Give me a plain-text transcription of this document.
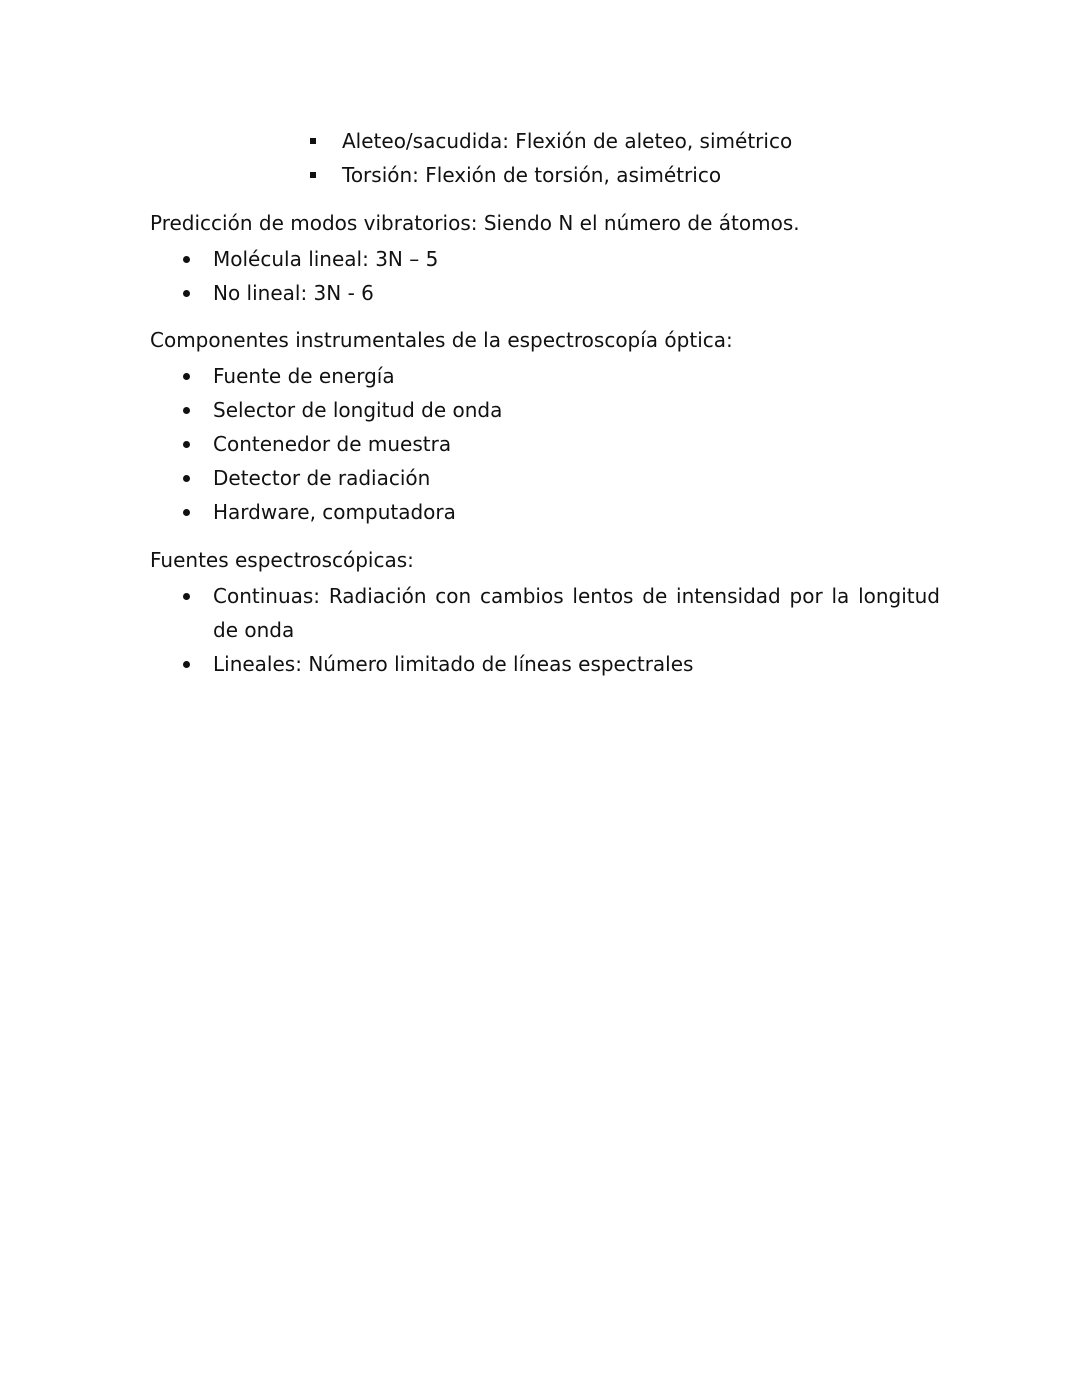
Aleteo/sacudida: Flexión de aleteo, simétrico
Torsión: Flexión de torsión, asimétrico
Predicción de modos vibratorios: Siendo N el número de átomos.
Molécula lineal: 3N – 5
No lineal: 3N - 6
Componentes instrumentales de la espectroscopía óptica:
Fuente de energía
Selector de longitud de onda
Contenedor de muestra
Detector de radiación
Hardware, computadora
Fuentes espectroscópicas:
Continuas: Radiación con cambios lentos de intensidad por la longitud de onda
Lineales: Número limitado de líneas espectrales
